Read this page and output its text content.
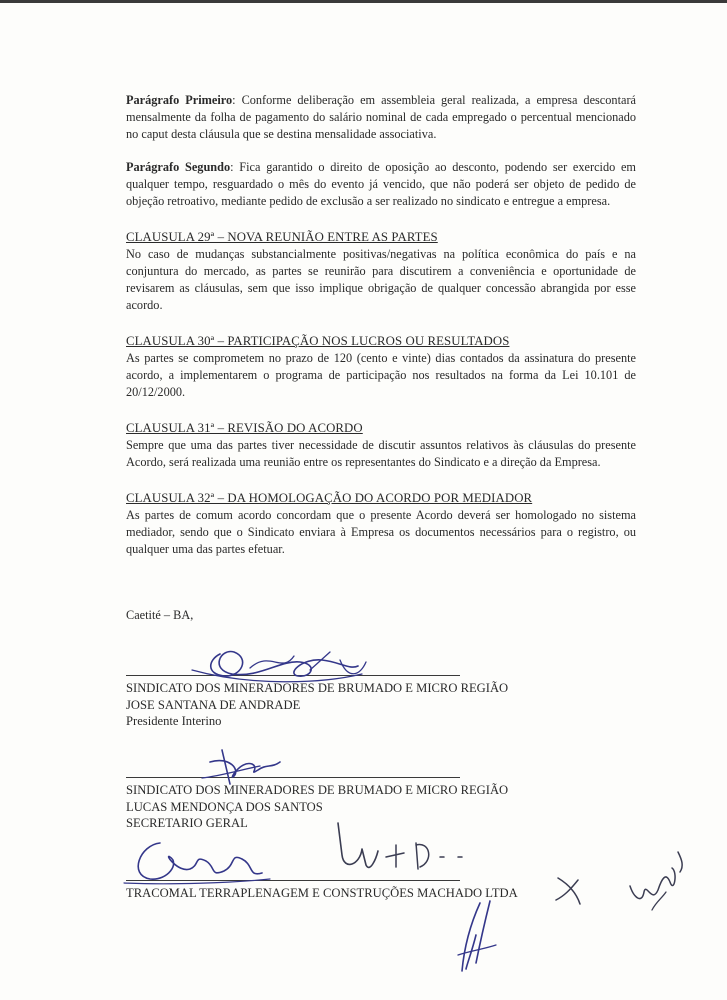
Parágrafo Primeiro: Conforme deliberação em assembleia geral realizada, a empresa descontará mensalmente da folha de pagamento do salário nominal de cada empregado o percentual mencionado no caput desta cláusula que se destina mensalidade associativa.

Parágrafo Segundo: Fica garantido o direito de oposição ao desconto, podendo ser exercido em qualquer tempo, resguardado o mês do evento já vencido, que não poderá ser objeto de pedido de objeção retroativo, mediante pedido de exclusão a ser realizado no sindicato e entregue a empresa.

CLAUSULA 29ª – NOVA REUNIÃO ENTRE AS PARTES

No caso de mudanças substancialmente positivas/negativas na política econômica do país e na conjuntura do mercado, as partes se reunirão para discutirem a conveniência e oportunidade de revisarem as cláusulas, sem que isso implique obrigação de qualquer concessão abrangida por esse acordo.

CLAUSULA 30ª – PARTICIPAÇÃO NOS LUCROS OU RESULTADOS

As partes se comprometem no prazo de 120 (cento e vinte) dias contados da assinatura do presente acordo, a implementarem o programa de participação nos resultados na forma da Lei 10.101 de 20/12/2000.

CLAUSULA 31ª – REVISÃO DO ACORDO

Sempre que uma das partes tiver necessidade de discutir assuntos relativos às cláusulas do presente Acordo, será realizada uma reunião entre os representantes do Sindicato e a direção da Empresa.

CLAUSULA 32ª – DA HOMOLOGAÇÃO DO ACORDO POR MEDIADOR

As partes de comum acordo concordam que o presente Acordo deverá ser homologado no sistema mediador, sendo que o Sindicato enviara à Empresa os documentos necessários para o registro, ou qualquer uma das partes efetuar.

Caetité – BA,
SINDICATO DOS MINERADORES DE BRUMADO E MICRO REGIÃO
JOSE SANTANA DE ANDRADE
Presidente Interino
SINDICATO DOS MINERADORES DE BRUMADO E MICRO REGIÃO
LUCAS MENDONÇA DOS SANTOS
SECRETARIO GERAL
TRACOMAL TERRAPLENAGEM E CONSTRUÇÕES MACHADO LTDA
